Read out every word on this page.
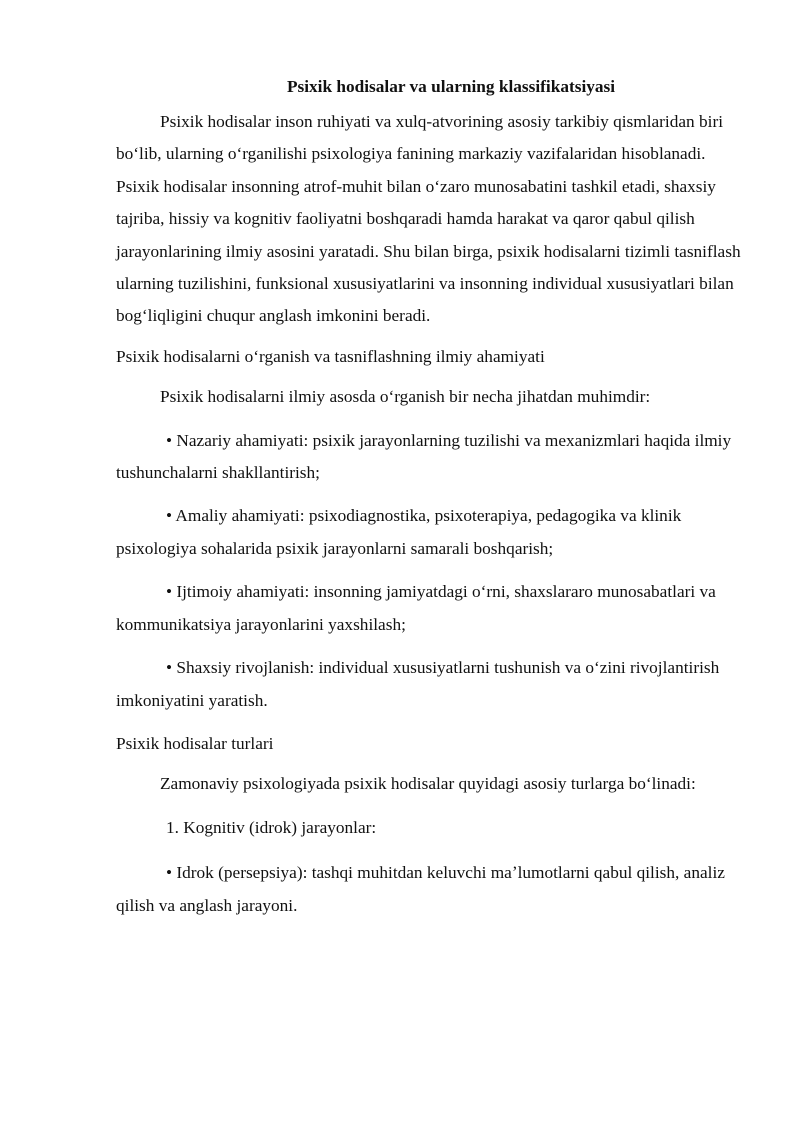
Psixik hodisalar va ularning klassifikatsiyasi

Psixik hodisalar inson ruhiyati va xulq-atvorining asosiy tarkibiy qismlaridan biri boʻlib, ularning oʻrganilishi psixologiya fanining markaziy vazifalaridan hisoblanadi. Psixik hodisalar insonning atrof-muhit bilan oʻzaro munosabatini tashkil etadi, shaxsiy tajriba, hissiy va kognitiv faoliyatni boshqaradi hamda harakat va qaror qabul qilish jarayonlarining ilmiy asosini yaratadi. Shu bilan birga, psixik hodisalarni tizimli tasniflash ularning tuzilishini, funksional xususiyatlarini va insonning individual xususiyatlari bilan bogʻliqligini chuqur anglash imkonini beradi.

Psixik hodisalarni oʻrganish va tasniflashning ilmiy ahamiyati

Psixik hodisalarni ilmiy asosda oʻrganish bir necha jihatdan muhimdir:

• Nazariy ahamiyati: psixik jarayonlarning tuzilishi va mexanizmlari haqida ilmiy tushunchalarni shakllantirish;

• Amaliy ahamiyati: psixodiagnostika, psixoterapiya, pedagogika va klinik psixologiya sohalarida psixik jarayonlarni samarali boshqarish;

• Ijtimoiy ahamiyati: insonning jamiyatdagi oʻrni, shaxslararo munosabatlari va kommunikatsiya jarayonlarini yaxshilash;

• Shaxsiy rivojlanish: individual xususiyatlarni tushunish va oʻzini rivojlantirish imkoniyatini yaratish.

Psixik hodisalar turlari

Zamonaviy psixologiyada psixik hodisalar quyidagi asosiy turlarga boʻlinadi:

1. Kognitiv (idrok) jarayonlar:

• Idrok (persepsiya): tashqi muhitdan keluvchi maʼlumotlarni qabul qilish, analiz qilish va anglash jarayoni.
